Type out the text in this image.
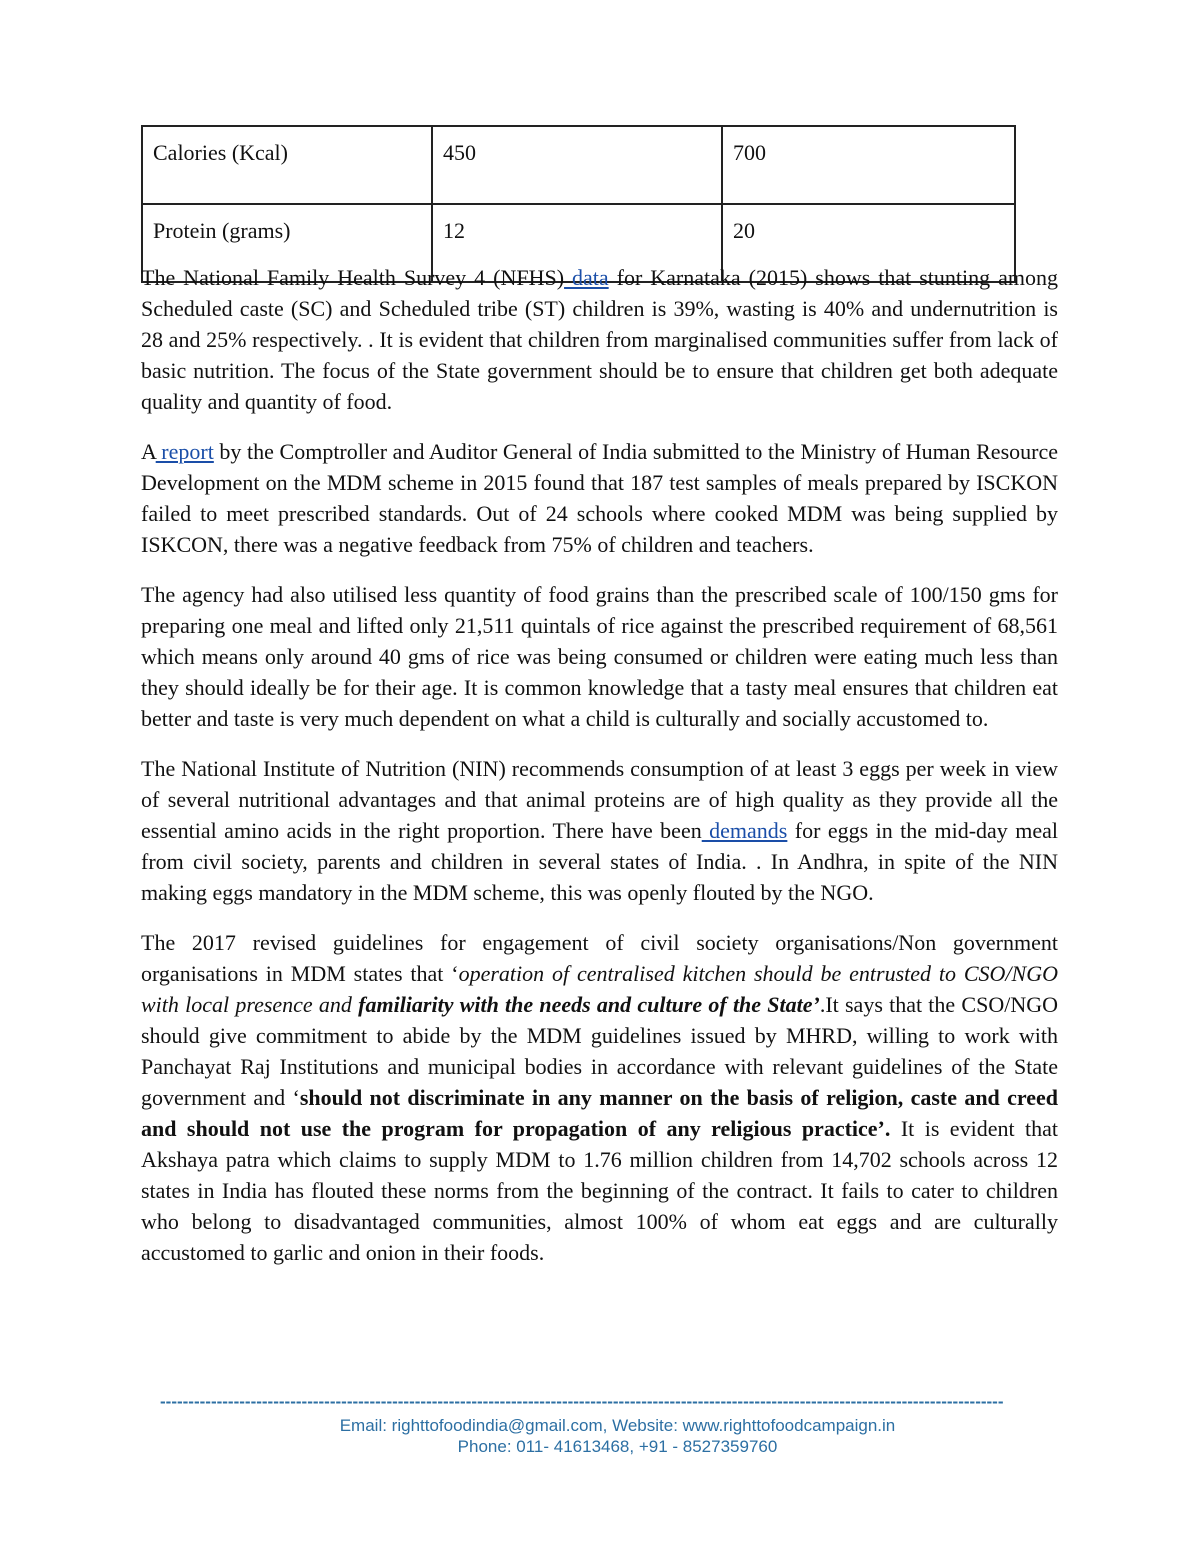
Calories (Kcal)	450	700
Protein (grams)	12	20

The National Family Health Survey 4 (NFHS) data for Karnataka (2015) shows that stunting among Scheduled caste (SC) and Scheduled tribe (ST) children is 39%, wasting is 40% and undernutrition is 28 and 25% respectively. . It is evident that children from marginalised communities suffer from lack of basic nutrition. The focus of the State government should be to ensure that children get both adequate quality and quantity of food.

A report by the Comptroller and Auditor General of India submitted to the Ministry of Human Resource Development on the MDM scheme in 2015 found that 187 test samples of meals prepared by ISCKON failed to meet prescribed standards. Out of 24 schools where cooked MDM was being supplied by ISKCON, there was a negative feedback from 75% of children and teachers.

The agency had also utilised less quantity of food grains than the prescribed scale of 100/150 gms for preparing one meal and lifted only 21,511 quintals of rice against the prescribed requirement of 68,561 which means only around 40 gms of rice was being consumed or children were eating much less than they should ideally be for their age. It is common knowledge that a tasty meal ensures that children eat better and taste is very much dependent on what a child is culturally and socially accustomed to.

The National Institute of Nutrition (NIN) recommends consumption of at least 3 eggs per week in view of several nutritional advantages and that animal proteins are of high quality as they provide all the essential amino acids in the right proportion. There have been demands for eggs in the mid-day meal from civil society, parents and children in several states of India. . In Andhra, in spite of the NIN making eggs mandatory in the MDM scheme, this was openly flouted by the NGO.

The 2017 revised guidelines for engagement of civil society organisations/Non government organisations in MDM states that ‘operation of centralised kitchen should be entrusted to CSO/NGO with local presence and familiarity with the needs and culture of the State’.It says that the CSO/NGO should give commitment to abide by the MDM guidelines issued by MHRD, willing to work with Panchayat Raj Institutions and municipal bodies in accordance with relevant guidelines of the State government and ‘should not discriminate in any manner on the basis of religion, caste and creed and should not use the program for propagation of any religious practice’. It is evident that Akshaya patra which claims to supply MDM to 1.76 million children from 14,702 schools across 12 states in India has flouted these norms from the beginning of the contract. It fails to cater to children who belong to disadvantaged communities, almost 100% of whom eat eggs and are culturally accustomed to garlic and onion in their foods.

-----------------------------------------------------------------------------------------------------------------------------------------------------
Email: righttofoodindia@gmail.com, Website: www.righttofoodcampaign.in
Phone: 011- 41613468, +91 - 8527359760
